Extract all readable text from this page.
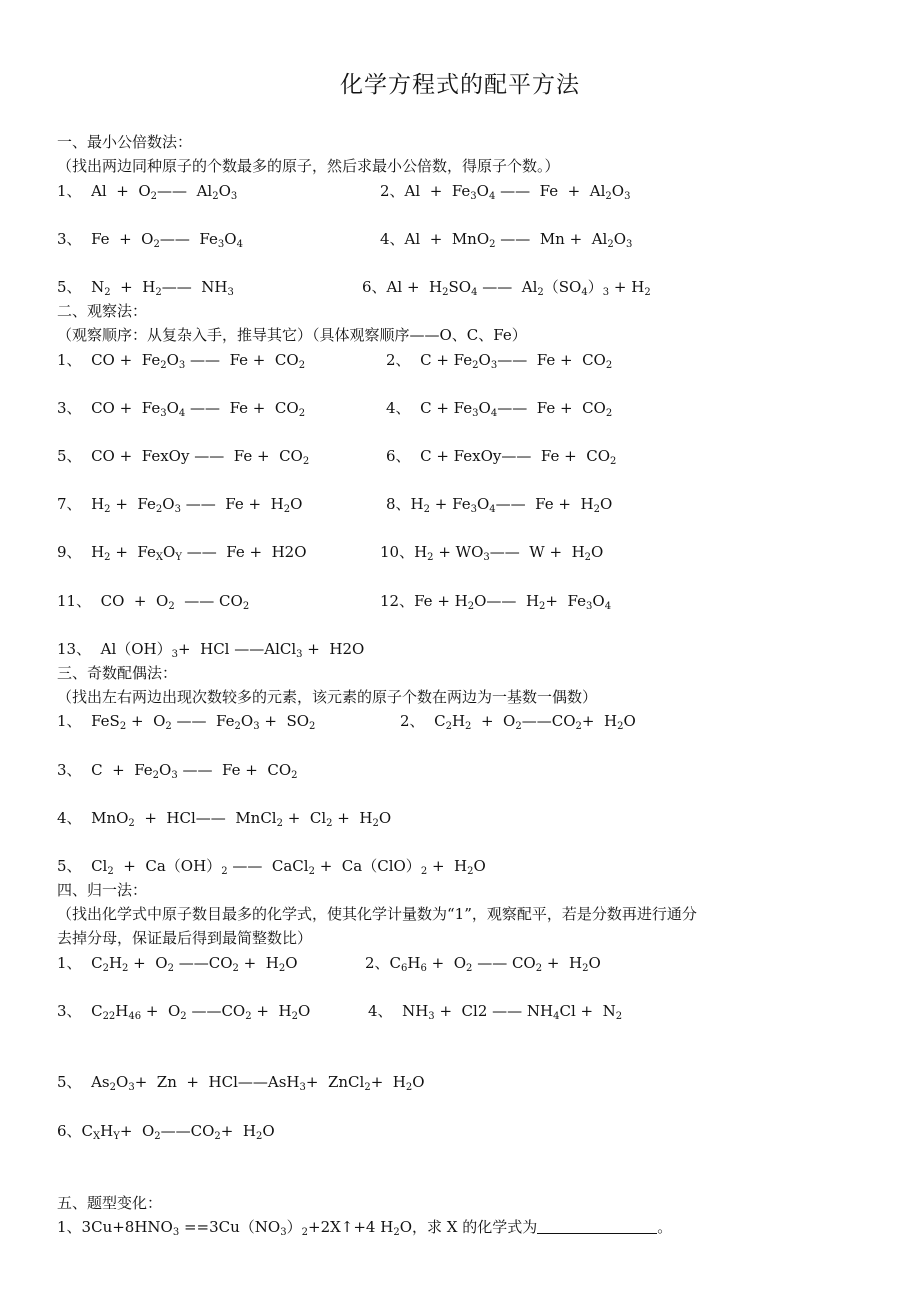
化学方程式的配平方法
一、最小公倍数法：
（找出两边同种原子的个数最多的原子，然后求最小公倍数，得原子个数。）
1、  $Al + O_2——$  $Al_2O_3$	2、$Al + Fe_3O_4$ ——  $Fe + Al_2O_3$
3、  $Fe + O_2——$  $Fe_3O_4$	4、Al  +  MnO$_2$ ——  $Mn + Al_2O_3$
5、  $N_2$  +  $H_2——$  $NH_3$	6、$Al + H_2SO_4$ ——  $Al_2(SO_4)_3 + H_2$
二、观察法：
（观察顺序：从复杂入手，推导其它）（具体观察顺序——O、C、Fe）
1、  CO +  $Fe_2O_3$ ——  $Fe + CO_2$	2、  $C + Fe_2O_3——$  $Fe + CO_2$
3、  CO +  $Fe_3O_4$ ——  $Fe + CO_2$	4、  $C + Fe_3O_4——$  $Fe + CO_2$
5、  CO +  FexOy ——  $Fe + CO_2$	6、  C + FexOy——  $Fe + CO_2$
7、  $H_2 + Fe_2O_3$ ——  $Fe + H_2O$	8、$H_2$ + $Fe_3O_4——$  $Fe + H_2O$
9、  $H_2 + Fe_XO_Y$ ——  Fe +  H2O	10、$H_2$ + $WO_3——$  $W + H_2O$
11、  CO  +  $O_2$  —— $CO_2$	12、$Fe + H_2O——$  $H_2+ Fe_3O_4$
13、  $Al(OH)_3+$  HCl ——AlCl$_3$ +  H2O
三、奇数配偶法：
（找出左右两边出现次数较多的元素，该元素的原子个数在两边为一基数一偶数）
1、  $FeS_2 + O_2$ ——  $Fe_2O_3 + SO_2$	2、  $C_2H_2$  +  $O_2——CO_2+ H_2O$
3、  $C + Fe_2O_3$ ——  $Fe + CO_2$
4、  MnO$_2$  +  HCl——  MnCl$_2$ +  $Cl_2 + H_2O$
5、  $Cl_2 + Ca(OH)_2$ ——  CaCl$_2$ +  $Ca(ClO)_2 + H_2O$
四、归一法：
（找出化学式中原子数目最多的化学式，使其化学计量数为“1”，观察配平，若是分数再进行通分
去掉分母，保证最后得到最简整数比）
1、  $C_2H_2 + O_2$ $——CO_2 + H_2O$	2、$C_6H_6 + O_2$ —— $CO_2 + H_2O$
3、  $C_{22}H_{46} + O_2$ $——CO_2 + H_2O$	4、  $NH_3 + Cl2$ —— $NH_4Cl + N_2$
5、  $As_2O_3+ Zn$  +  HCl——AsH$_3$+  ZnCl$_2$+  $H_2O$
6、$C_XH_Y+$  $O_2——CO_2+ H_2O$
五、题型变化：
1、$3Cu+8HNO_3$ $==3Cu(NO_3)_2+2X↑+4$ $H_2O$，求 X 的化学式为	。
